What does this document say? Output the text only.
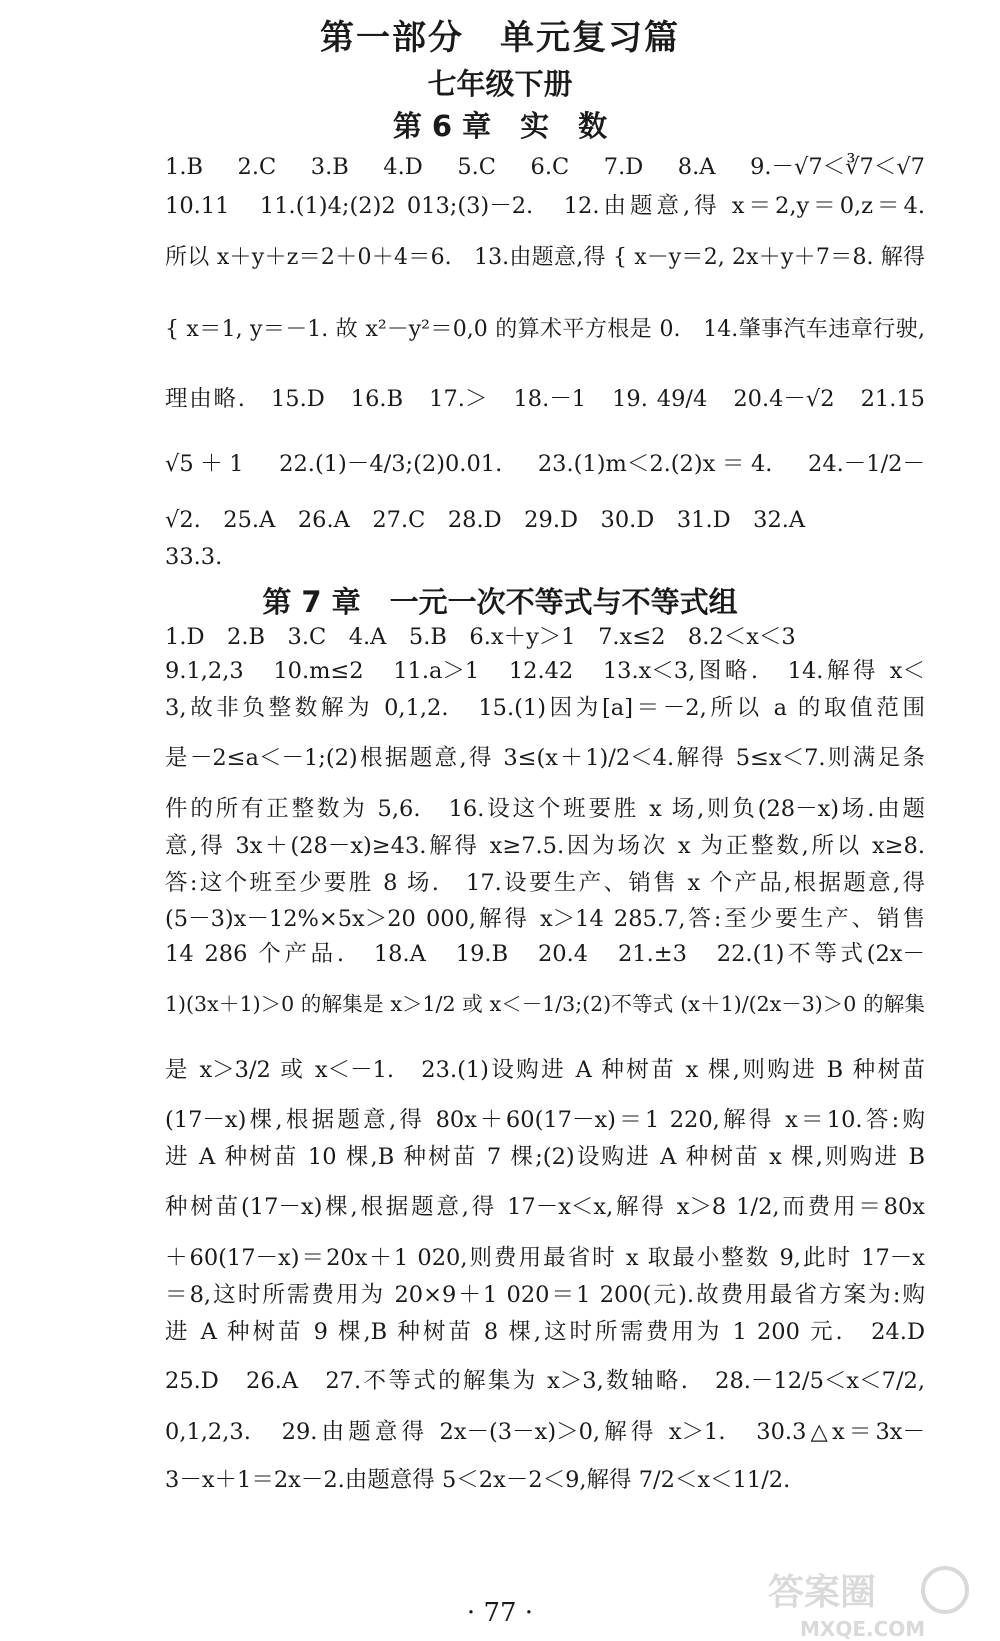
第一部分　单元复习篇
七年级下册
第 6 章　实　数
1.B　2.C　3.B　4.D　5.C　6.C　7.D　8.A　9.－√7＜∛7＜√7
10.11　11.(1)4;(2)2 013;(3)－2.　12.由题意,得 x＝2,y＝0,z＝4.
所以 x＋y＋z＝2＋0＋4＝6.　13.由题意,得 { x－y＝2, 2x＋y＋7＝8. 解得
{ x＝1, y＝－1. 故 x²－y²＝0,0 的算术平方根是 0.　14.肇事汽车违章行驶,
理由略.　15.D　16.B　17.＞　18.－1　19. 49/4　20.4－√2　21.15
√5＋1　22.(1)－4/3;(2)0.01.　23.(1)m＜2.(2)x＝4.　24.－1/2－
√2.　25.A　26.A　27.C　28.D　29.D　30.D　31.D　32.A
33.3.
第 7 章　一元一次不等式与不等式组
1.D　2.B　3.C　4.A　5.B　6.x＋y＞1　7.x≤2　8.2＜x＜3
9.1,2,3　10.m≤2　11.a＞1　12.42　13.x＜3,图略.　14.解得 x＜
3,故非负整数解为 0,1,2.　15.(1)因为[a]＝－2,所以 a 的取值范围
是－2≤a＜－1;(2)根据题意,得 3≤(x＋1)/2＜4.解得 5≤x＜7.则满足条
件的所有正整数为 5,6.　16.设这个班要胜 x 场,则负(28－x)场.由题
意,得 3x＋(28－x)≥43.解得 x≥7.5.因为场次 x 为正整数,所以 x≥8.
答:这个班至少要胜 8 场.　17.设要生产、销售 x 个产品,根据题意,得
(5－3)x－12%×5x＞20 000,解得 x＞14 285.7,答:至少要生产、销售
14 286 个产品.　18.A　19.B　20.4　21.±3　22.(1)不等式(2x－
1)(3x＋1)＞0 的解集是 x＞1/2 或 x＜－1/3;(2)不等式 (x＋1)/(2x－3)＞0 的解集
是 x＞3/2 或 x＜－1.　23.(1)设购进 A 种树苗 x 棵,则购进 B 种树苗
(17－x)棵,根据题意,得 80x＋60(17－x)＝1 220,解得 x＝10.答:购
进 A 种树苗 10 棵,B 种树苗 7 棵;(2)设购进 A 种树苗 x 棵,则购进 B
种树苗(17－x)棵,根据题意,得 17－x＜x,解得 x＞8 1/2,而费用＝80x
＋60(17－x)＝20x＋1 020,则费用最省时 x 取最小整数 9,此时 17－x
＝8,这时所需费用为 20×9＋1 020＝1 200(元).故费用最省方案为:购
进 A 种树苗 9 棵,B 种树苗 8 棵,这时所需费用为 1 200 元.　24.D
25.D　26.A　27.不等式的解集为 x＞3,数轴略.　28.－12/5＜x＜7/2,
0,1,2,3.　29.由题意得 2x－(3－x)＞0,解得 x＞1.　30.3△x＝3x－
3－x＋1＝2x－2.由题意得 5＜2x－2＜9,解得 7/2＜x＜11/2.
· 77 ·	答案圈
MXQE.COM
